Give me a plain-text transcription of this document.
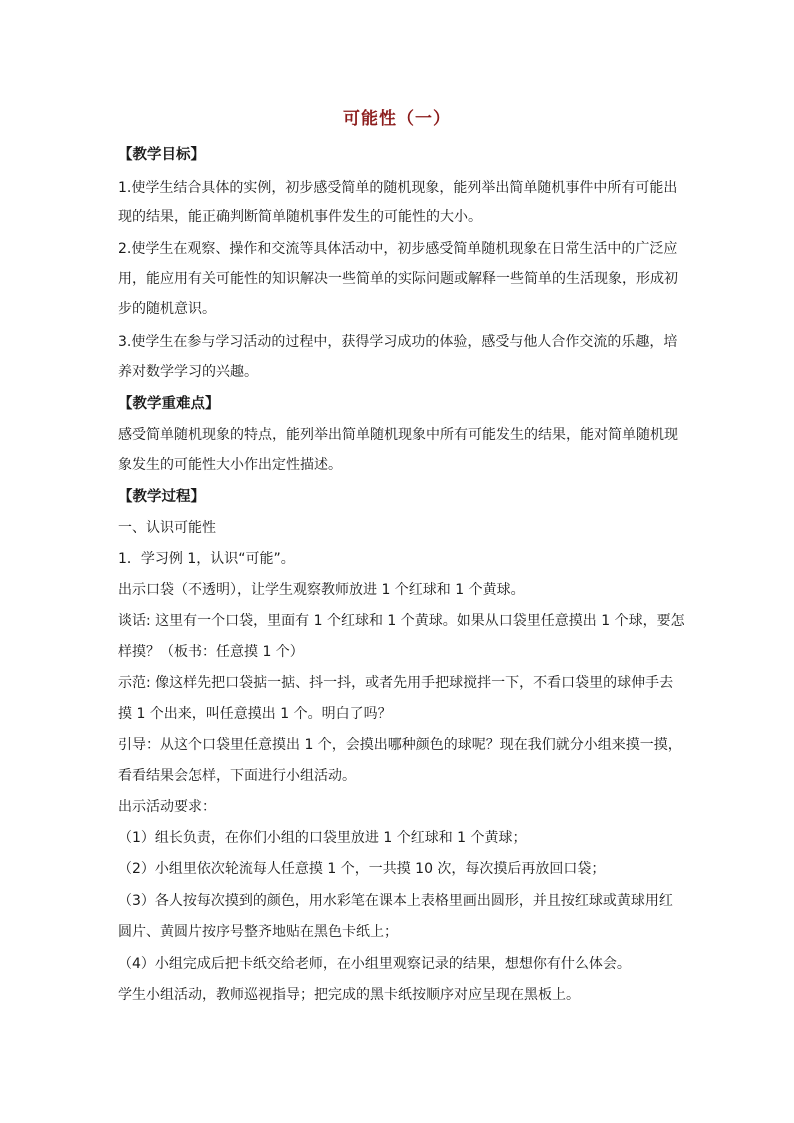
可能性（一）
【教学目标】
1.使学生结合具体的实例，初步感受简单的随机现象，能列举出简单随机事件中所有可能出
现的结果，能正确判断简单随机事件发生的可能性的大小。
2.使学生在观察、操作和交流等具体活动中，初步感受简单随机现象在日常生活中的广泛应
用，能应用有关可能性的知识解决一些简单的实际问题或解释一些简单的生活现象，形成初
步的随机意识。
3.使学生在参与学习活动的过程中，获得学习成功的体验，感受与他人合作交流的乐趣，培
养对数学学习的兴趣。
【教学重难点】
感受简单随机现象的特点，能列举出简单随机现象中所有可能发生的结果，能对简单随机现
象发生的可能性大小作出定性描述。
【教学过程】
一、认识可能性
1．学习例 1，认识“可能”。
出示口袋（不透明），让学生观察教师放进 1 个红球和 1 个黄球。
谈话: 这里有一个口袋，里面有 1 个红球和 1 个黄球。如果从口袋里任意摸出 1 个球，要怎
样摸？（板书：任意摸 1 个）
示范: 像这样先把口袋掂一掂、抖一抖，或者先用手把球搅拌一下，不看口袋里的球伸手去
摸 1 个出来，叫任意摸出 1 个。明白了吗？
引导：从这个口袋里任意摸出 1 个，会摸出哪种颜色的球呢？现在我们就分小组来摸一摸，
看看结果会怎样，下面进行小组活动。
出示活动要求：
（1）组长负责，在你们小组的口袋里放进 1 个红球和 1 个黄球；
（2）小组里依次轮流每人任意摸 1 个，一共摸 10 次，每次摸后再放回口袋；
（3）各人按每次摸到的颜色，用水彩笔在课本上表格里画出圆形，并且按红球或黄球用红
圆片、黄圆片按序号整齐地贴在黑色卡纸上；
（4）小组完成后把卡纸交给老师，在小组里观察记录的结果，想想你有什么体会。
学生小组活动，教师巡视指导；把完成的黑卡纸按顺序对应呈现在黑板上。
